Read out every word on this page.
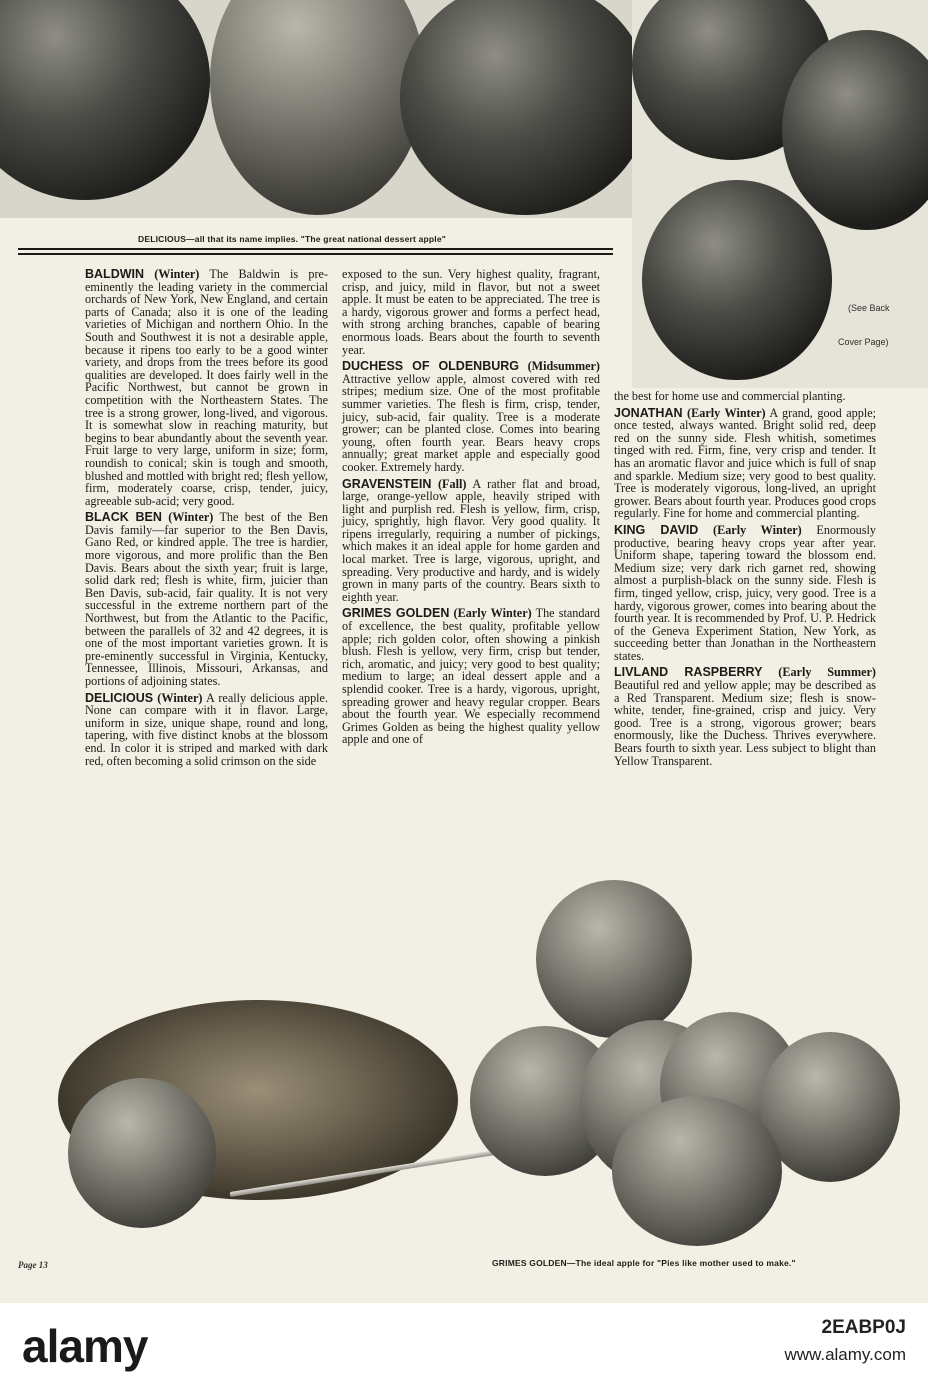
DELICIOUS—all that its name implies. "The great national dessert apple"
(See Back
Cover Page)

BALDWIN (Winter) The Baldwin is pre-eminently the leading variety in the commercial orchards of New York, New England, and certain parts of Canada; also it is one of the leading varieties of Michigan and northern Ohio. In the South and Southwest it is not a desirable apple, because it ripens too early to be a good winter variety, and drops from the trees before its good qualities are developed. It does fairly well in the Pacific Northwest, but cannot be grown in competition with the Northeastern States. The tree is a strong grower, long-lived, and vigorous. It is somewhat slow in reaching maturity, but begins to bear abundantly about the seventh year. Fruit large to very large, uniform in size; form, roundish to conical; skin is tough and smooth, blushed and mottled with bright red; flesh yellow, firm, moderately coarse, crisp, tender, juicy, agreeable sub-acid; very good.

BLACK BEN (Winter) The best of the Ben Davis family—far superior to the Ben Davis, Gano Red, or kindred apple. The tree is hardier, more vigorous, and more prolific than the Ben Davis. Bears about the sixth year; fruit is large, solid dark red; flesh is white, firm, juicier than Ben Davis, sub-acid, fair quality. It is not very successful in the extreme northern part of the Northwest, but from the Atlantic to the Pacific, between the parallels of 32 and 42 degrees, it is one of the most important varieties grown. It is pre-eminently successful in Virginia, Kentucky, Tennessee, Illinois, Missouri, Arkansas, and portions of adjoining states.

DELICIOUS (Winter) A really delicious apple. None can compare with it in flavor. Large, uniform in size, unique shape, round and long, tapering, with five distinct knobs at the blossom end. In color it is striped and marked with dark red, often becoming a solid crimson on the side

exposed to the sun. Very highest quality, fragrant, crisp, and juicy, mild in flavor, but not a sweet apple. It must be eaten to be appreciated. The tree is a hardy, vigorous grower and forms a perfect head, with strong arching branches, capable of bearing enormous loads. Bears about the fourth to seventh year.

DUCHESS OF OLDENBURG (Midsummer) Attractive yellow apple, almost covered with red stripes; medium size. One of the most profitable summer varieties. The flesh is firm, crisp, tender, juicy, sub-acid, fair quality. Tree is a moderate grower; can be planted close. Comes into bearing young, often fourth year. Bears heavy crops annually; great market apple and especially good cooker. Extremely hardy.

GRAVENSTEIN (Fall) A rather flat and broad, large, orange-yellow apple, heavily striped with light and purplish red. Flesh is yellow, firm, crisp, juicy, sprightly, high flavor. Very good quality. It ripens irregularly, requiring a number of pickings, which makes it an ideal apple for home garden and local market. Tree is large, vigorous, upright, and spreading. Very productive and hardy, and is widely grown in many parts of the country. Bears sixth to eighth year.

GRIMES GOLDEN (Early Winter) The standard of excellence, the best quality, profitable yellow apple; rich golden color, often showing a pinkish blush. Flesh is yellow, very firm, crisp but tender, rich, aromatic, and juicy; very good to best quality; medium to large; an ideal dessert apple and a splendid cooker. Tree is a hardy, vigorous, upright, spreading grower and heavy regular cropper. Bears about the fourth year. We especially recommend Grimes Golden as being the highest quality yellow apple and one of

the best for home use and commercial planting.

JONATHAN (Early Winter) A grand, good apple; once tested, always wanted. Bright solid red, deep red on the sunny side. Flesh whitish, sometimes tinged with red. Firm, fine, very crisp and tender. It has an aromatic flavor and juice which is full of snap and sparkle. Medium size; very good to best quality. Tree is moderately vigorous, long-lived, an upright grower. Bears about fourth year. Produces good crops regularly. Fine for home and commercial planting.

KING DAVID (Early Winter) Enormously productive, bearing heavy crops year after year. Uniform shape, tapering toward the blossom end. Medium size; very dark rich garnet red, showing almost a purplish-black on the sunny side. Flesh is firm, tinged yellow, crisp, juicy, very good. Tree is a hardy, vigorous grower, comes into bearing about the fourth year. It is recommended by Prof. U. P. Hedrick of the Geneva Experiment Station, New York, as succeeding better than Jonathan in the Northeastern states.

LIVLAND RASPBERRY (Early Summer) Beautiful red and yellow apple; may be described as a Red Transparent. Medium size; flesh is snow-white, tender, fine-grained, crisp and juicy. Very good. Tree is a strong, vigorous grower; bears enormously, like the Duchess. Thrives everywhere. Bears fourth to sixth year. Less subject to blight than Yellow Transparent.

GRIMES GOLDEN—The ideal apple for "Pies like mother used to make."
Page 13
alamy	2EABP0J
www.alamy.com
